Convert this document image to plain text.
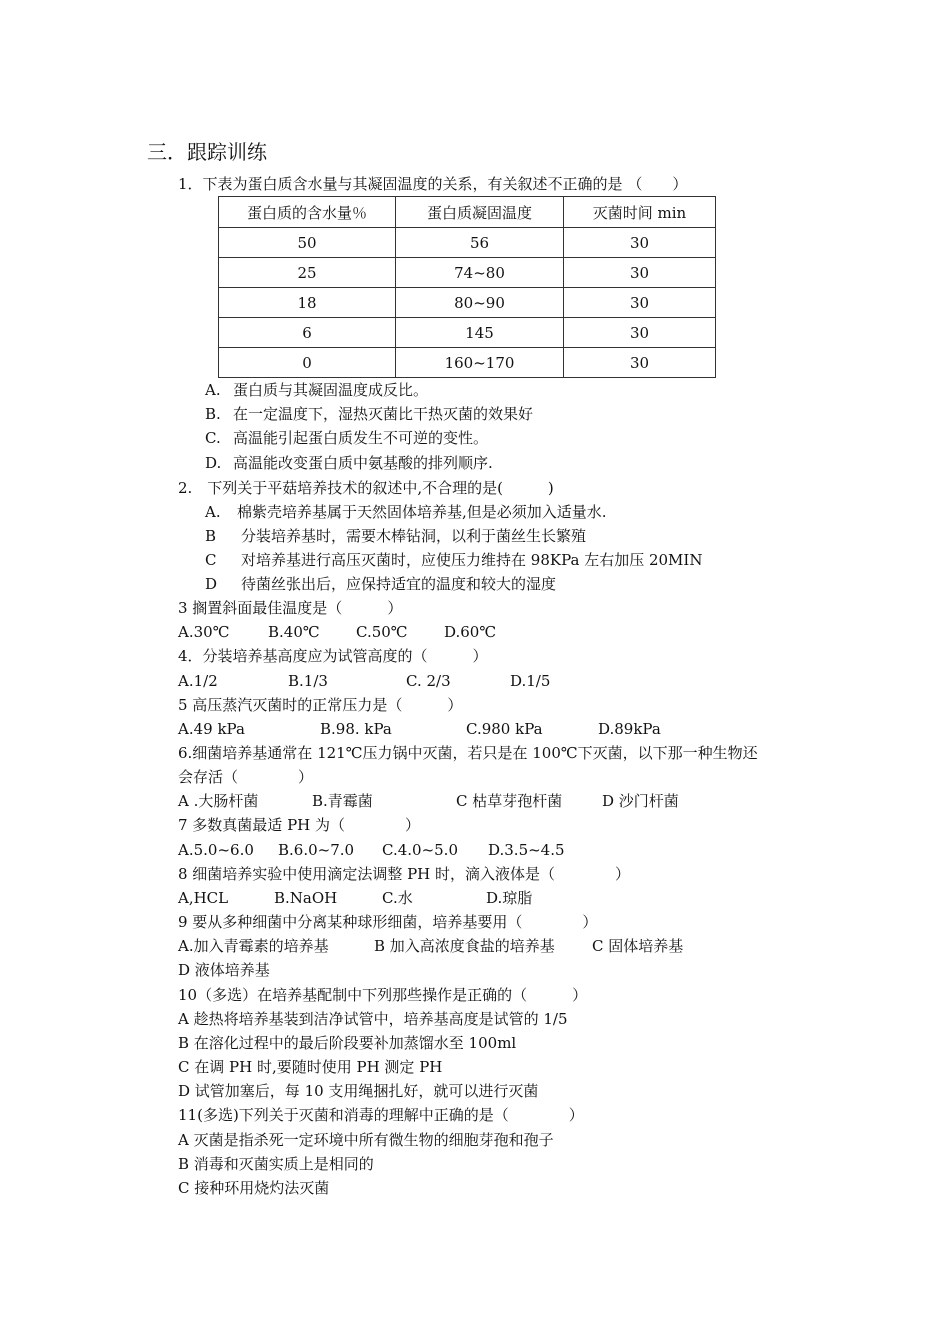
三．跟踪训练
1．下表为蛋白质含水量与其凝固温度的关系，有关叙述不正确的是 （　　）
蛋白质的含水量％	蛋白质凝固温度	灭菌时间 min
50	56	30
25	74~80	30
18	80~90	30
6	145	30
0	160~170	30
A. 蛋白质与其凝固温度成反比。
B. 在一定温度下，湿热灭菌比干热灭菌的效果好
C. 高温能引起蛋白质发生不可逆的变性。
D. 高温能改变蛋白质中氨基酸的排列顺序.
2.　下列关于平菇培养技术的叙述中,不合理的是(　　　)
A. 棉紫壳培养基属于天然固体培养基,但是必须加入适量水.
B 分装培养基时，需要木棒钻洞，以利于菌丝生长繁殖
C 对培养基进行高压灭菌时，应使压力维持在 98KPa 左右加压 20MIN
D 待菌丝张出后，应保持适宜的温度和较大的湿度
3 搁置斜面最佳温度是（　　　）
A.30℃	B.40℃ C.50℃ D.60℃
4．分装培养基高度应为试管高度的（　　　）
A.1/2	B.1/3	C. 2/3	D.1/5
5 高压蒸汽灭菌时的正常压力是（　　　）
A.49 kPa	B.98. kPa	C.980 kPa	D.89kPa
6.细菌培养基通常在 121℃压力锅中灭菌，若只是在 100℃下灭菌，以下那一种生物还
会存活（　　　　）
A .大肠杆菌	B.青霉菌	C 枯草芽孢杆菌	D 沙门杆菌
7 多数真菌最适 PH 为（　　　　）
A.5.0~6.0 B.6.0~7.0 C.4.0~5.0 D.3.5~4.5
8 细菌培养实验中使用滴定法调整 PH 时，滴入液体是（　　　　）
A,HCL	B.NaOH	C.水	D.琼脂
9 要从多种细菌中分离某种球形细菌，培养基要用（　　　　）
A.加入青霉素的培养基	B 加入高浓度食盐的培养基 C 固体培养基
D 液体培养基
10（多选）在培养基配制中下列那些操作是正确的（　　　）
A 趁热将培养基装到洁净试管中，培养基高度是试管的 1/5
B 在溶化过程中的最后阶段要补加蒸馏水至 100ml
C 在调 PH 时,要随时使用 PH 测定 PH
D 试管加塞后，每 10 支用绳捆扎好，就可以进行灭菌
11(多选)下列关于灭菌和消毒的理解中正确的是（　　　　）
A 灭菌是指杀死一定环境中所有微生物的细胞芽孢和孢子
B 消毒和灭菌实质上是相同的
C 接种环用烧灼法灭菌
